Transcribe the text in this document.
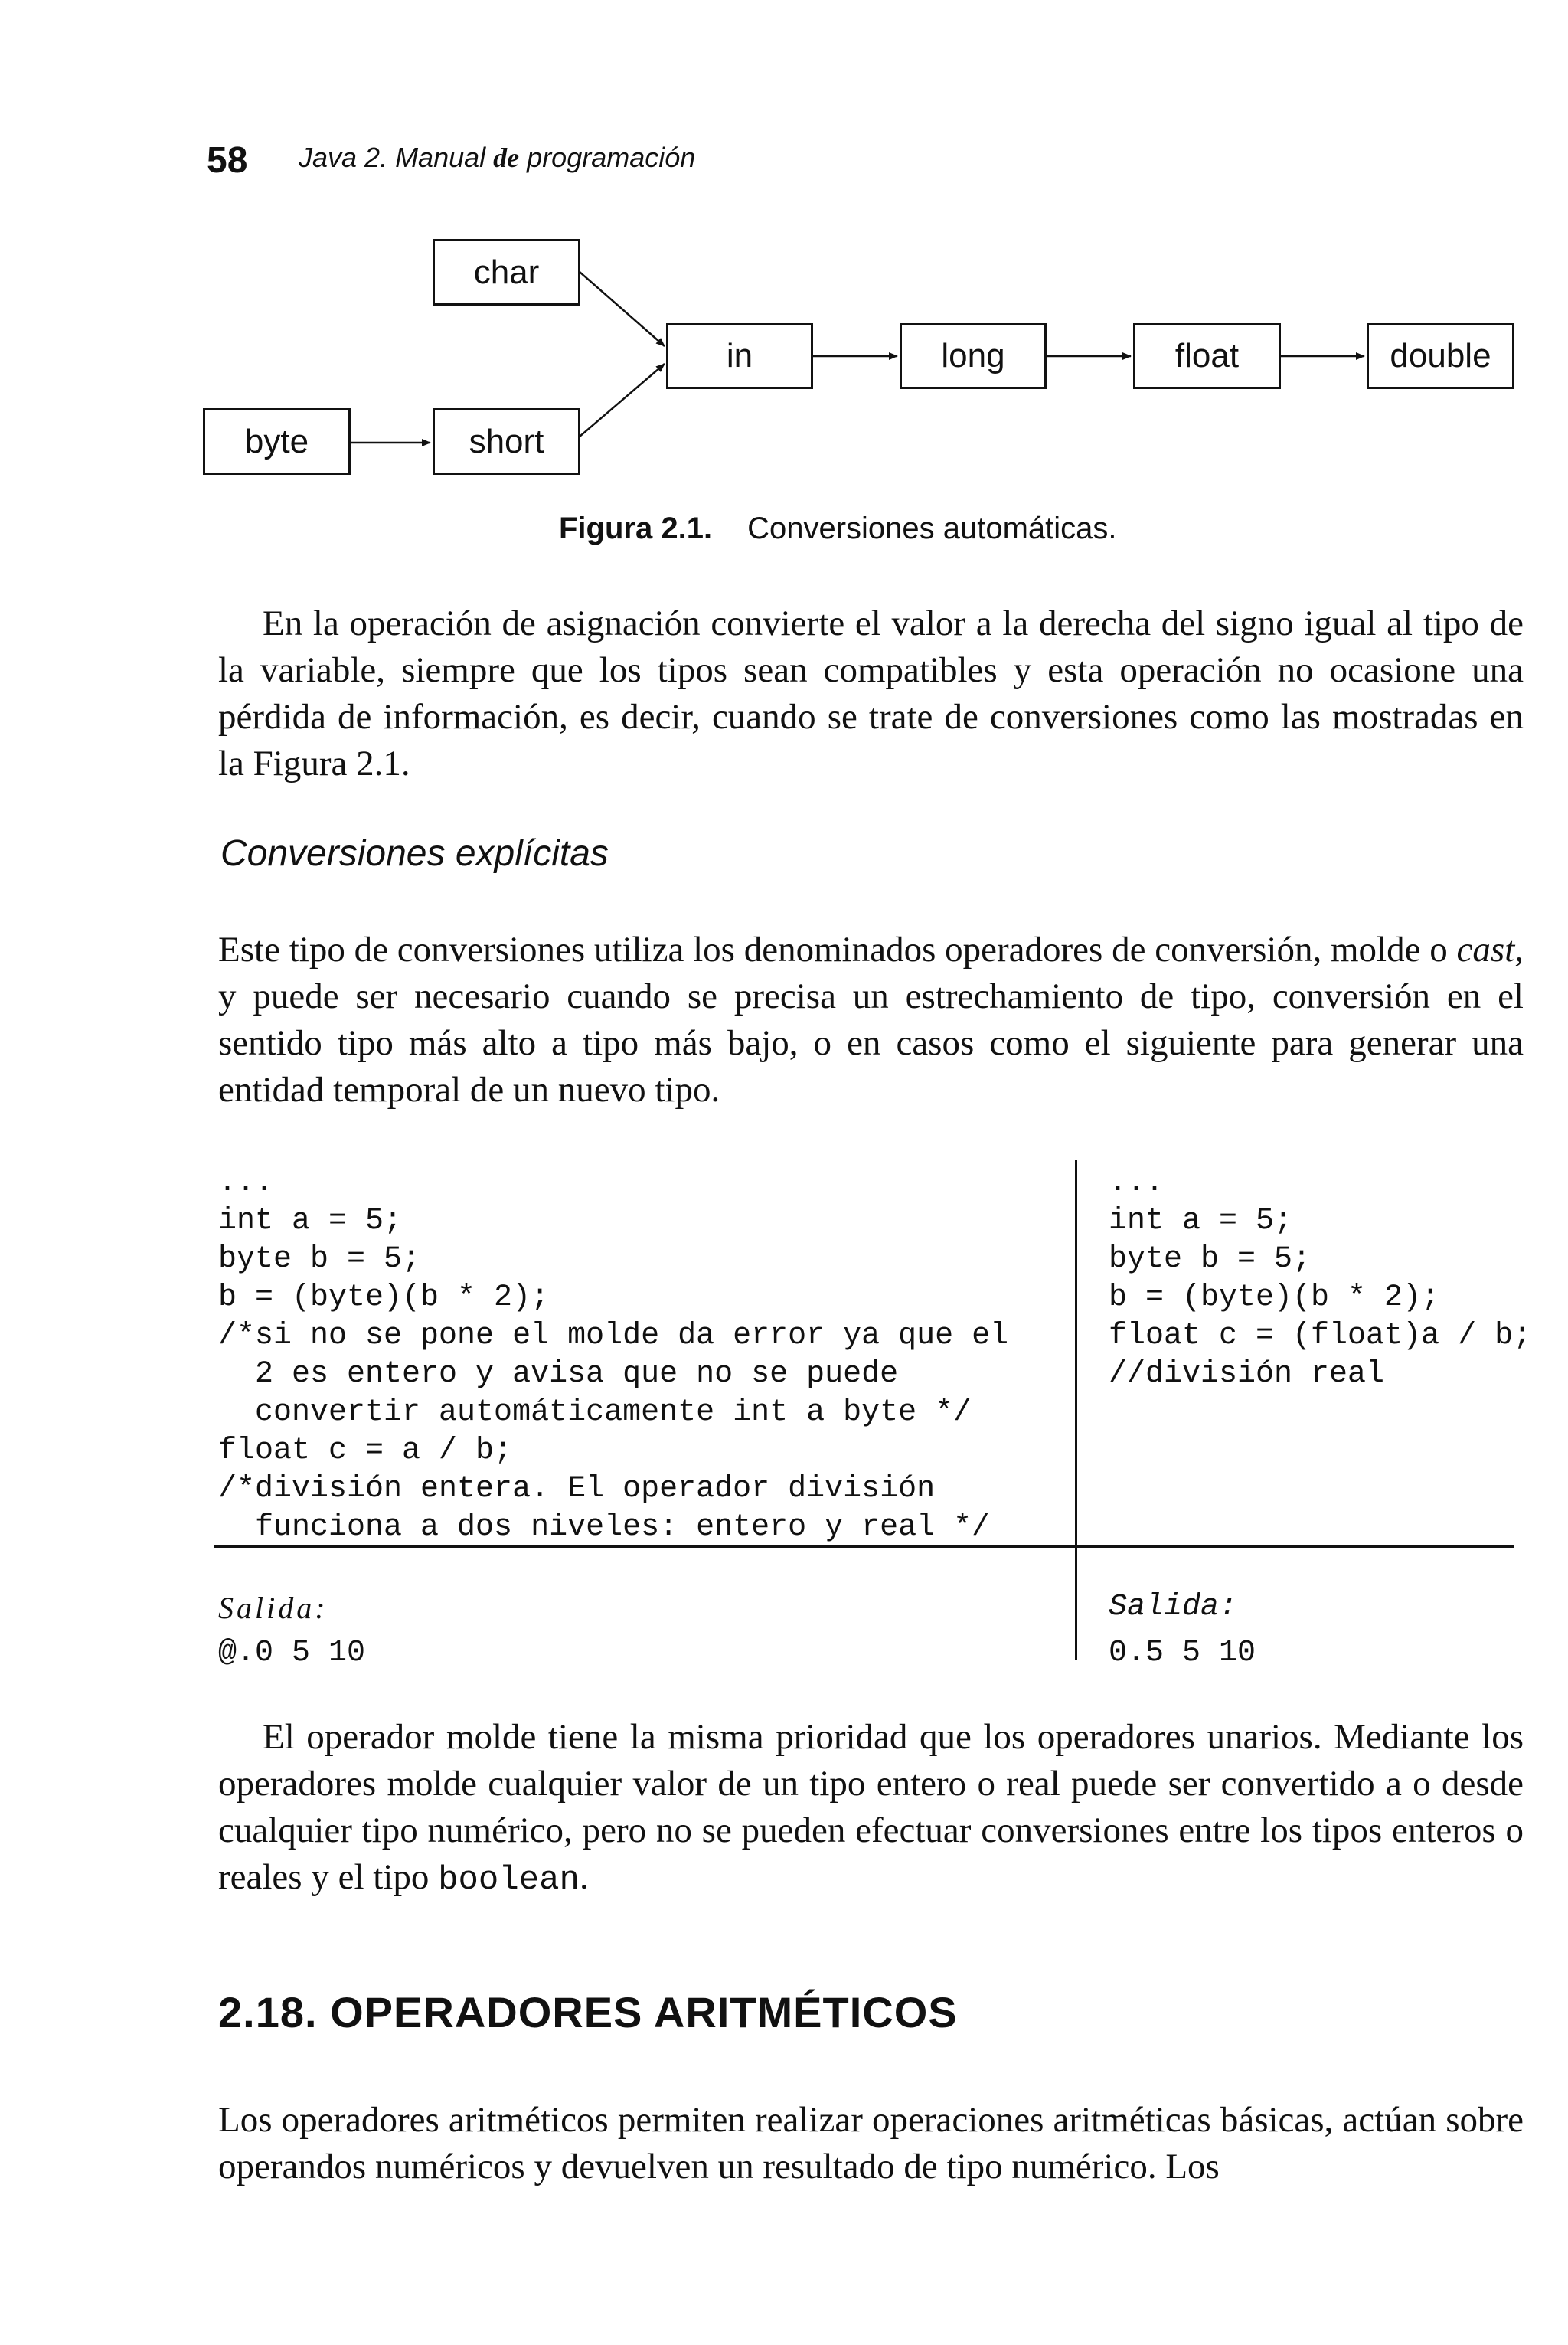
58 Java 2. Manual de programación
char
in	long	float	double
byte	short
Figura 2.1. Conversiones automáticas.

En la operación de asignación convierte el valor a la derecha del signo igual al tipo de la variable, siempre que los tipos sean compatibles y esta operación no ocasione una pérdida de información, es decir, cuando se trate de conversiones como las mostradas en la Figura 2.1.

Conversiones explícitas

Este tipo de conversiones utiliza los denominados operadores de conversión, molde o cast, y puede ser necesario cuando se precisa un estrechamiento de tipo, conversión en el sentido tipo más alto a tipo más bajo, o en casos como el siguiente para generar una entidad temporal de un nuevo tipo.

...
int a = 5;
byte b = 5;
b = (byte)(b * 2);
/*si no se pone el molde da error ya que el
2 es entero y avisa que no se puede
convertir automáticamente int a byte */
float c = a / b;
/*división entera. El operador división
funciona a dos niveles: entero y real */
...
int a = 5;
byte b = 5;
b = (byte)(b * 2);
float c = (float)a / b;
//división real
Salida:
@.0 5 10
Salida:
0.5 5 10

El operador molde tiene la misma prioridad que los operadores unarios. Mediante los operadores molde cualquier valor de un tipo entero o real puede ser convertido a o desde cualquier tipo numérico, pero no se pueden efectuar conversiones entre los tipos enteros o reales y el tipo boolean.

2.18. OPERADORES ARITMÉTICOS

Los operadores aritméticos permiten realizar operaciones aritméticas básicas, actúan sobre operandos numéricos y devuelven un resultado de tipo numérico. Los
